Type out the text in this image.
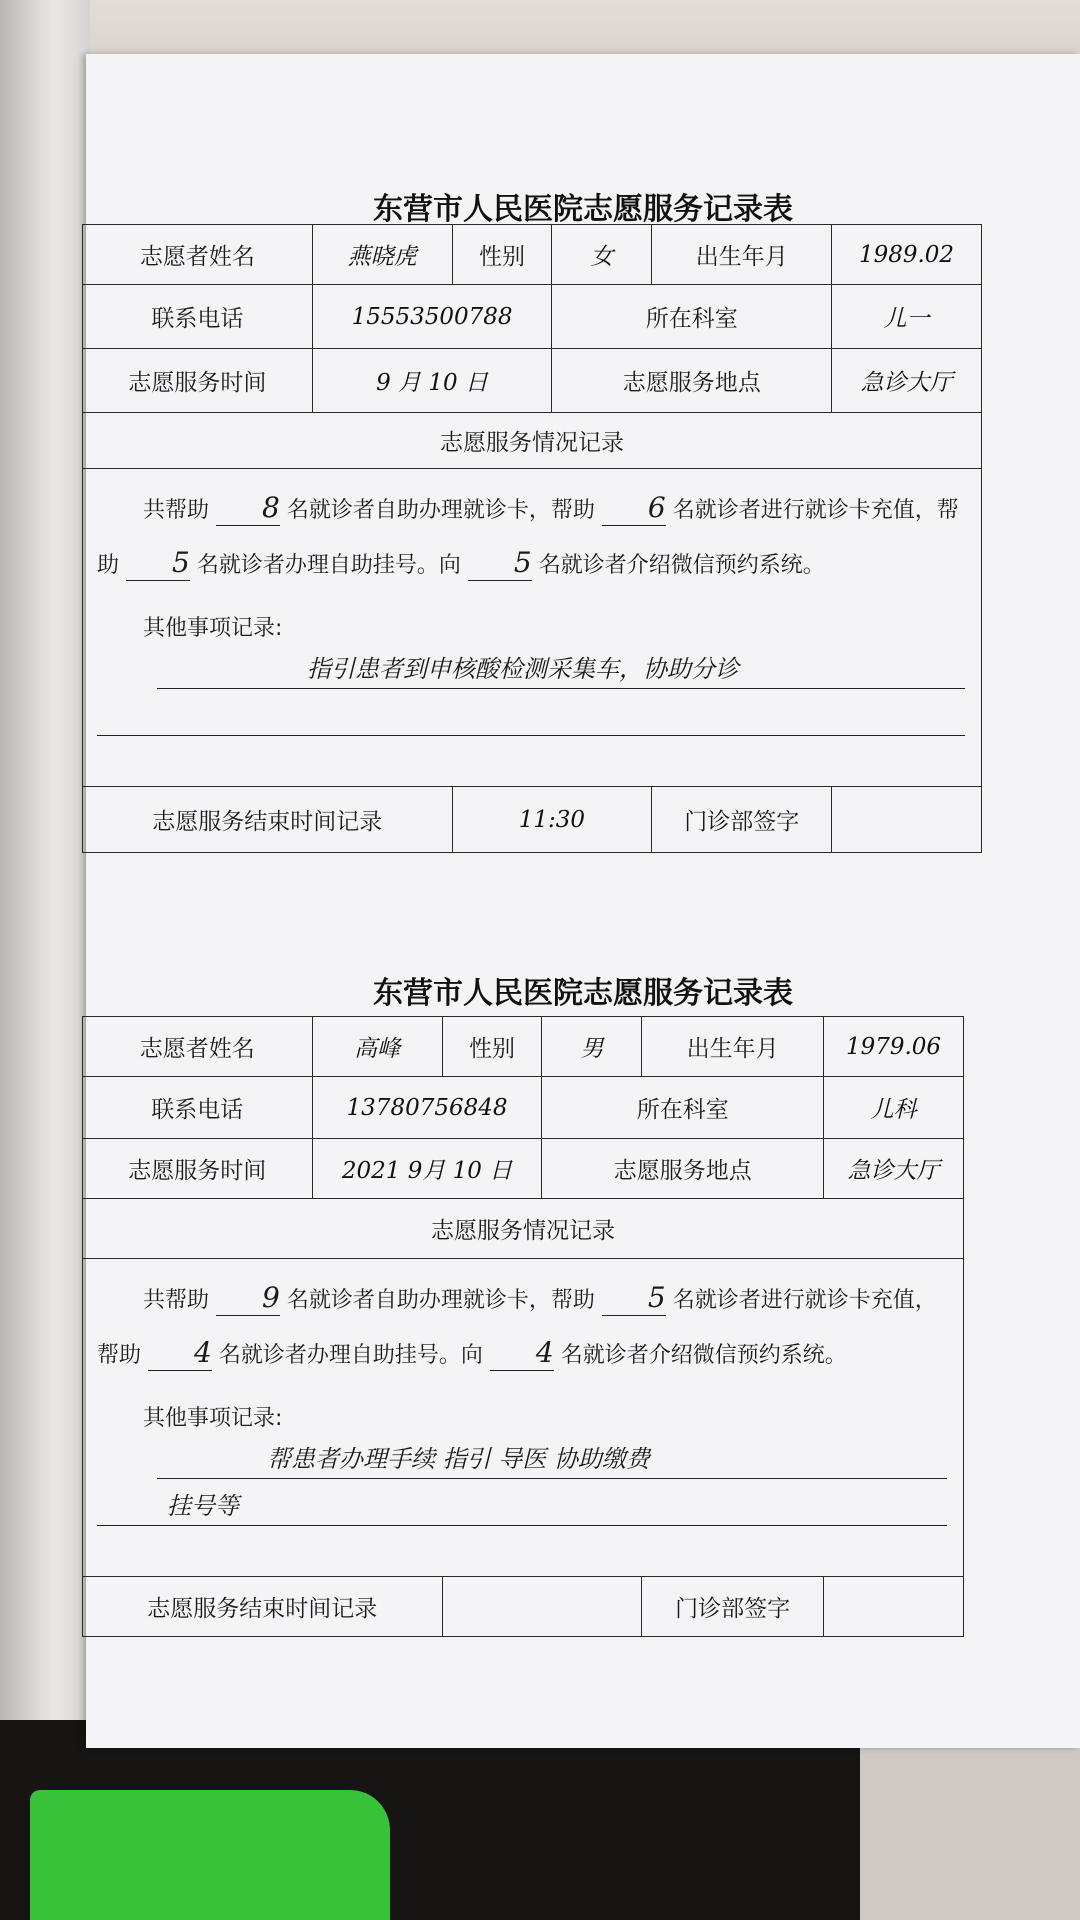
东营市人民医院志愿服务记录表
志愿者姓名	燕晓虎	性别	女	出生年月	1989.02
联系电话	15553500788		所在科室		儿一
志愿服务时间	9 月 10 日		志愿服务地点		急诊大厅
志愿服务情况记录					

共帮助 8 名就诊者自助办理就诊卡，帮助 6 名就诊者进行就诊卡充值，帮助 5 名就诊者办理自助挂号。向 5 名就诊者介绍微信预约系统。

其他事项记录:
指引患者到申核酸检测采集车，协助分诊					

志愿服务结束时间记录		11:30		门诊部签字	
东营市人民医院志愿服务记录表
志愿者姓名	高峰	性别	男	出生年月	1979.06
联系电话	13780756848		所在科室		儿科
志愿服务时间	2021 9月 10 日		志愿服务地点		急诊大厅
志愿服务情况记录					

共帮助 9 名就诊者自助办理就诊卡，帮助 5 名就诊者进行就诊卡充值，帮助 4 名就诊者办理自助挂号。向 4 名就诊者介绍微信预约系统。

其他事项记录:
帮患者办理手续 指引 导医 协助缴费
挂号等					

志愿服务结束时间记录				门诊部签字	
